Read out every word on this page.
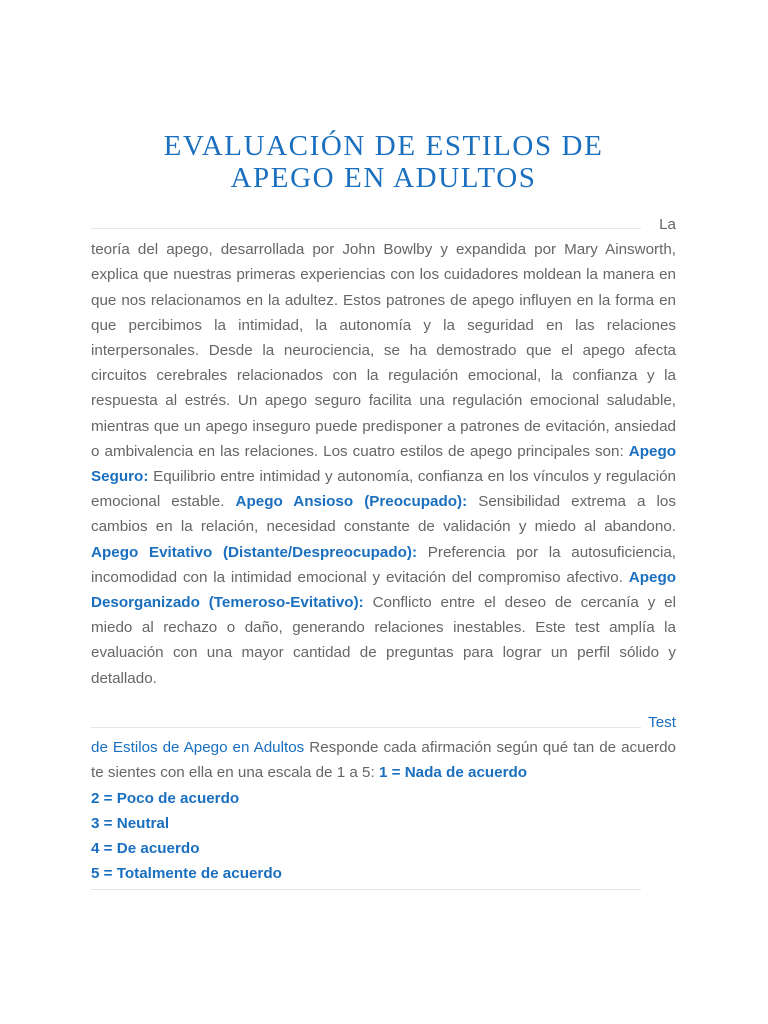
EVALUACIÓN DE ESTILOS DE
APEGO EN ADULTOS

La
teoría del apego, desarrollada por John Bowlby y expandida por Mary Ainsworth, explica que nuestras primeras experiencias con los cuidadores moldean la manera en que nos relacionamos en la adultez. Estos patrones de apego influyen en la forma en que percibimos la intimidad, la autonomía y la seguridad en las relaciones interpersonales. Desde la neurociencia, se ha demostrado que el apego afecta circuitos cerebrales relacionados con la regulación emocional, la confianza y la respuesta al estrés. Un apego seguro facilita una regulación emocional saludable, mientras que un apego inseguro puede predisponer a patrones de evitación, ansiedad o ambivalencia en las relaciones. Los cuatro estilos de apego principales son: Apego Seguro: Equilibrio entre intimidad y autonomía, confianza en los vínculos y regulación emocional estable. Apego Ansioso (Preocupado): Sensibilidad extrema a los cambios en la relación, necesidad constante de validación y miedo al abandono. Apego Evitativo (Distante/Despreocupado): Preferencia por la autosuficiencia, incomodidad con la intimidad emocional y evitación del compromiso afectivo. Apego Desorganizado (Temeroso-Evitativo): Conflicto entre el deseo de cercanía y el miedo al rechazo o daño, generando relaciones inestables. Este test amplía la evaluación con una mayor cantidad de preguntas para lograr un perfil sólido y detallado.

Test
de Estilos de Apego en Adultos Responde cada afirmación según qué tan de acuerdo te sientes con ella en una escala de 1 a 5: 1 = Nada de acuerdo
2 = Poco de acuerdo
3 = Neutral
4 = De acuerdo
5 = Totalmente de acuerdo
